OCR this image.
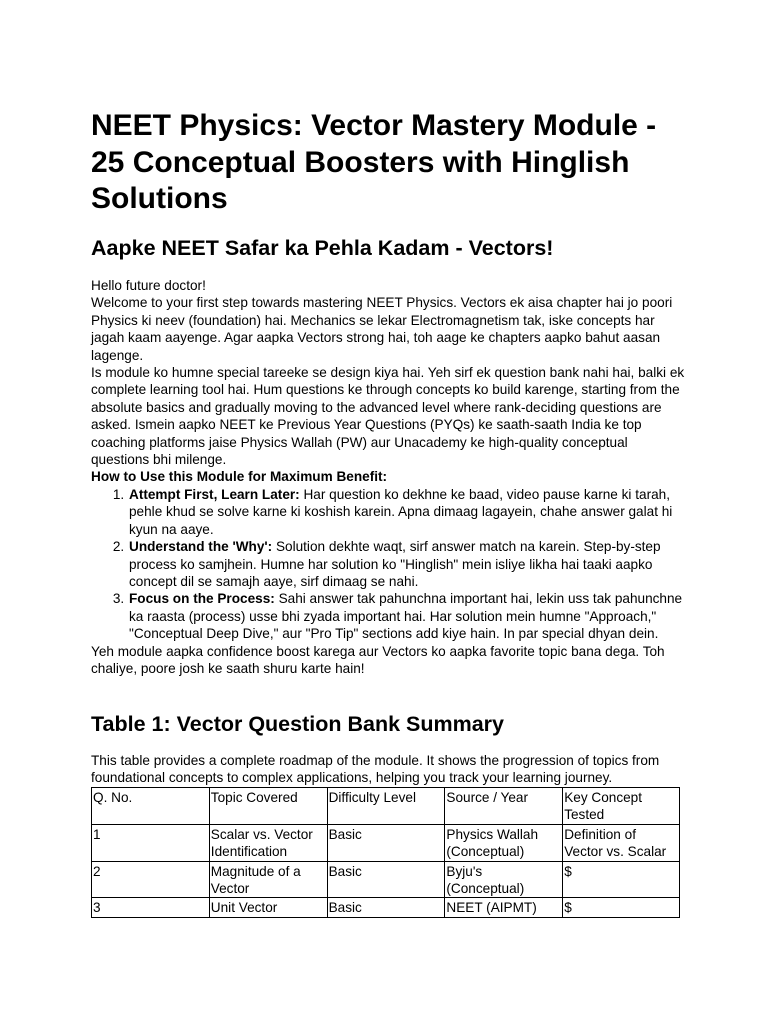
NEET Physics: Vector Mastery Module - 25 Conceptual Boosters with Hinglish Solutions
Aapke NEET Safar ka Pehla Kadam - Vectors!

Hello future doctor!

Welcome to your first step towards mastering NEET Physics. Vectors ek aisa chapter hai jo poori Physics ki neev (foundation) hai. Mechanics se lekar Electromagnetism tak, iske concepts har jagah kaam aayenge. Agar aapka Vectors strong hai, toh aage ke chapters aapko bahut aasan lagenge.

Is module ko humne special tareeke se design kiya hai. Yeh sirf ek question bank nahi hai, balki ek complete learning tool hai. Hum questions ke through concepts ko build karenge, starting from the absolute basics and gradually moving to the advanced level where rank-deciding questions are asked. Ismein aapko NEET ke Previous Year Questions (PYQs) ke saath-saath India ke top coaching platforms jaise Physics Wallah (PW) aur Unacademy ke high-quality conceptual questions bhi milenge.

How to Use this Module for Maximum Benefit:

1. Attempt First, Learn Later: Har question ko dekhne ke baad, video pause karne ki tarah, pehle khud se solve karne ki koshish karein. Apna dimaag lagayein, chahe answer galat hi kyun na aaye.
2. Understand the 'Why': Solution dekhte waqt, sirf answer match na karein. Step-by-step process ko samjhein. Humne har solution ko "Hinglish" mein isliye likha hai taaki aapko concept dil se samajh aaye, sirf dimaag se nahi.
3. Focus on the Process: Sahi answer tak pahunchna important hai, lekin uss tak pahunchne ka raasta (process) usse bhi zyada important hai. Har solution mein humne "Approach," "Conceptual Deep Dive," aur "Pro Tip" sections add kiye hain. In par special dhyan dein.

Yeh module aapka confidence boost karega aur Vectors ko aapka favorite topic bana dega. Toh chaliye, poore josh ke saath shuru karte hain!

Table 1: Vector Question Bank Summary

This table provides a complete roadmap of the module. It shows the progression of topics from foundational concepts to complex applications, helping you track your learning journey.

Q. No.	Topic Covered	Difficulty Level	Source / Year	Key Concept Tested
1	Scalar vs. Vector Identification	Basic	Physics Wallah (Conceptual)	Definition of Vector vs. Scalar
2	Magnitude of a Vector	Basic	Byju's (Conceptual)	$
3	Unit Vector	Basic	NEET (AIPMT)	$
